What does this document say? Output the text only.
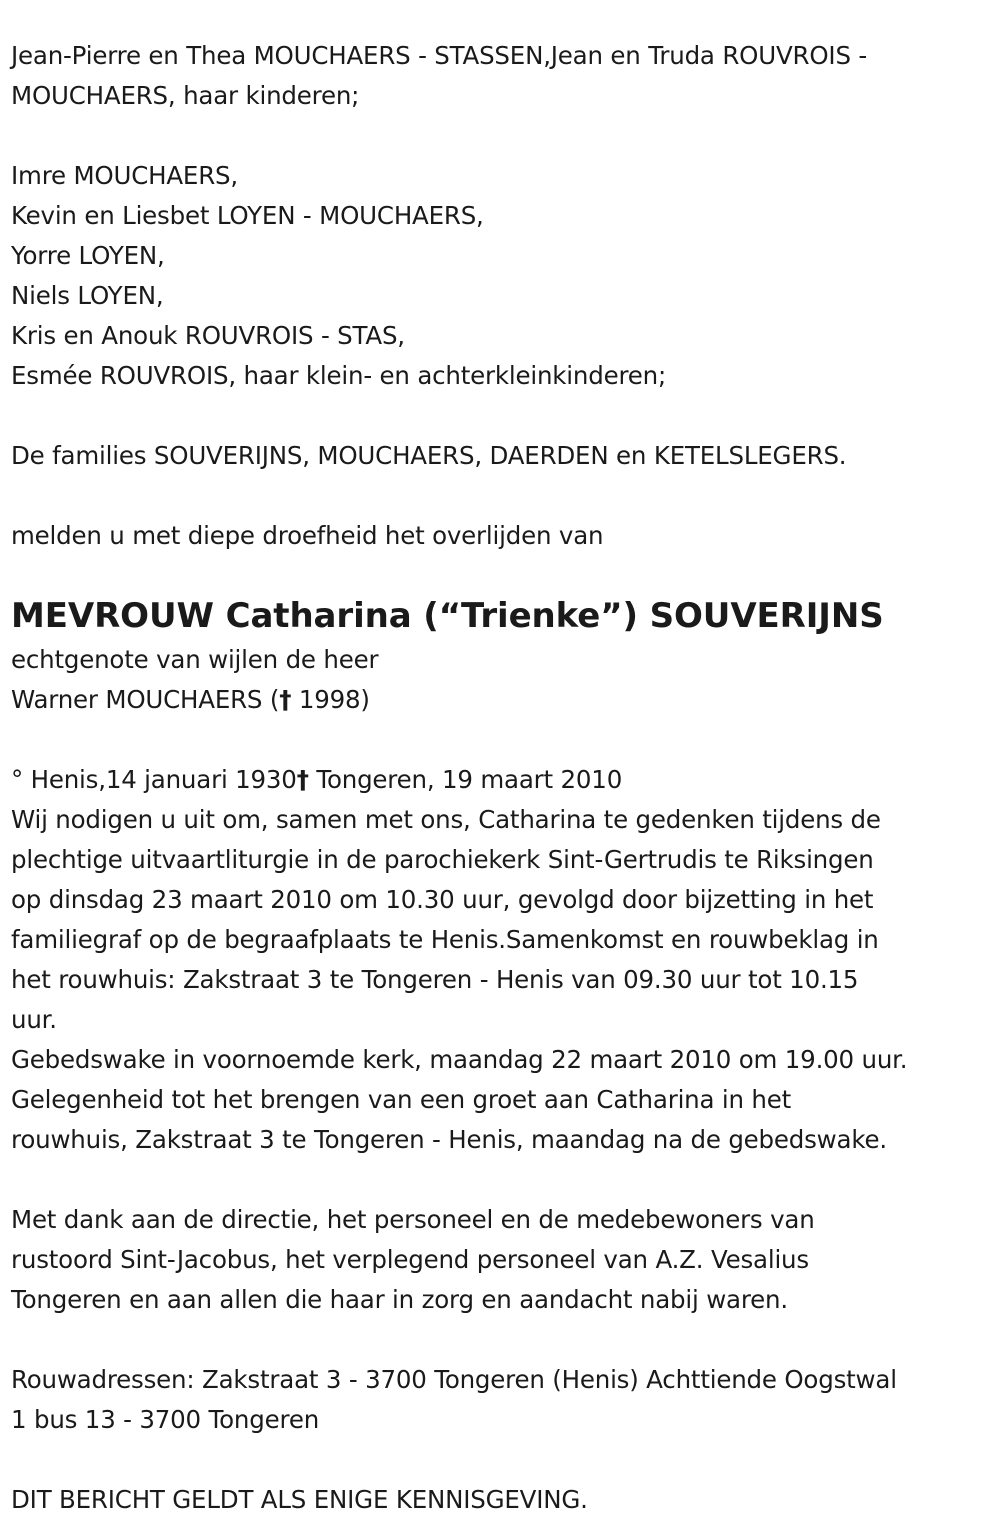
Jean-Pierre en Thea MOUCHAERS - STASSEN,Jean en Truda ROUVROIS -
MOUCHAERS, haar kinderen;
Imre MOUCHAERS,
Kevin en Liesbet LOYEN - MOUCHAERS,
Yorre LOYEN,
Niels LOYEN,
Kris en Anouk ROUVROIS - STAS,
Esmée ROUVROIS, haar klein- en achterkleinkinderen;
De families SOUVERIJNS, MOUCHAERS, DAERDEN en KETELSLEGERS.
melden u met diepe droefheid het overlijden van
MEVROUW Catharina (“Trienke”) SOUVERIJNS
echtgenote van wijlen de heer
Warner MOUCHAERS († 1998)
° Henis,14 januari 1930† Tongeren, 19 maart 2010
Wij nodigen u uit om, samen met ons, Catharina te gedenken tijdens de
plechtige uitvaartliturgie in de parochiekerk Sint-Gertrudis te Riksingen
op dinsdag 23 maart 2010 om 10.30 uur, gevolgd door bijzetting in het
familiegraf op de begraafplaats te Henis.Samenkomst en rouwbeklag in
het rouwhuis: Zakstraat 3 te Tongeren - Henis van 09.30 uur tot 10.15
uur.
Gebedswake in voornoemde kerk, maandag 22 maart 2010 om 19.00 uur.
Gelegenheid tot het brengen van een groet aan Catharina in het
rouwhuis, Zakstraat 3 te Tongeren - Henis, maandag na de gebedswake.
Met dank aan de directie, het personeel en de medebewoners van
rustoord Sint-Jacobus, het verplegend personeel van A.Z. Vesalius
Tongeren en aan allen die haar in zorg en aandacht nabij waren.
Rouwadressen: Zakstraat 3 - 3700 Tongeren (Henis) Achttiende Oogstwal
1 bus 13 - 3700 Tongeren
DIT BERICHT GELDT ALS ENIGE KENNISGEVING.
